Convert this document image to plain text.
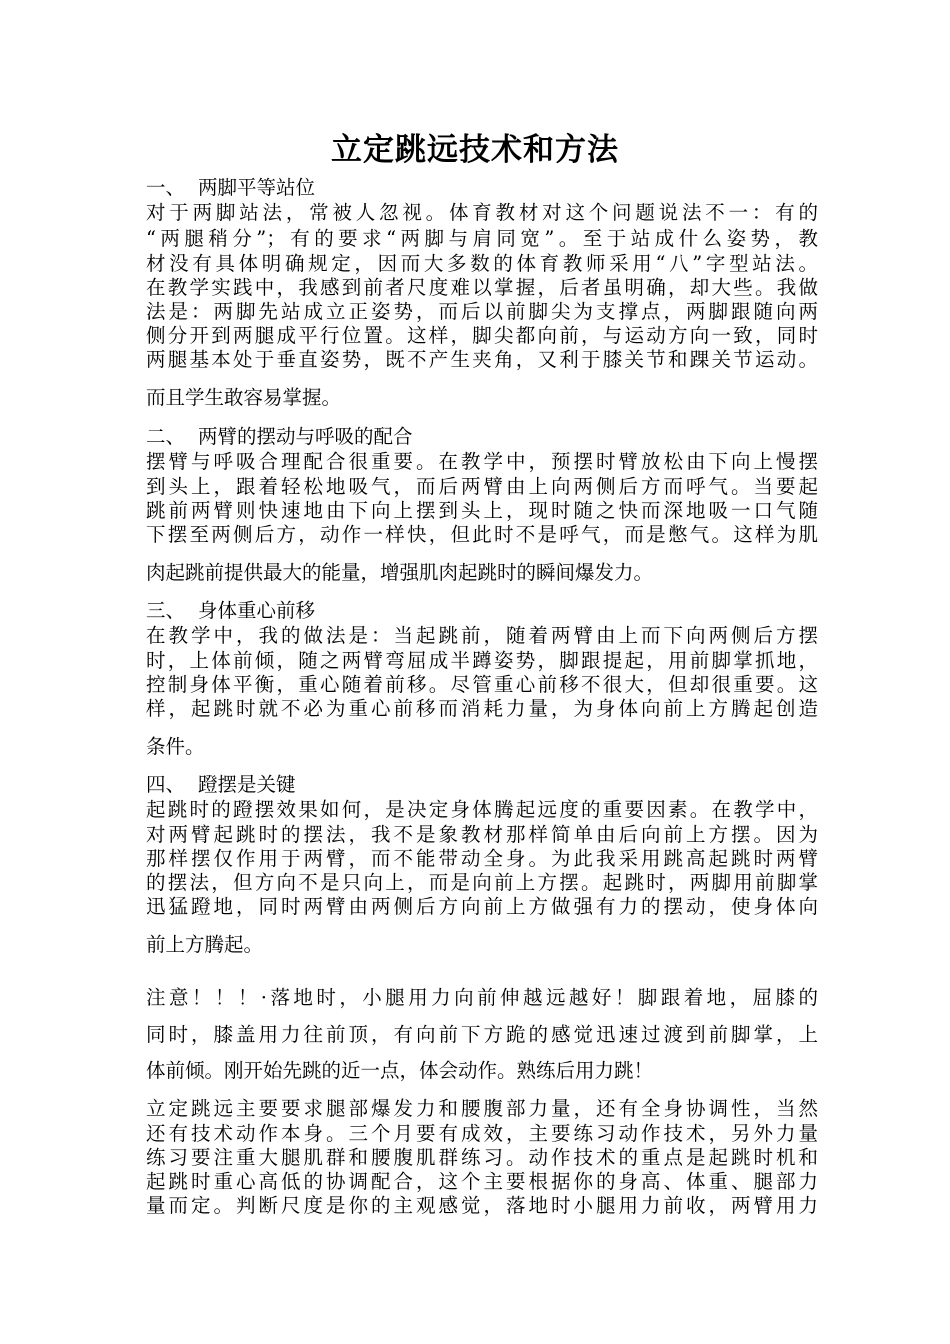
立定跳远技术和方法
一、 两脚平等站位
对于两脚站法，常被人忽视。体育教材对这个问题说法不一：有的
“两腿稍分”；有的要求“两脚与肩同宽”。至于站成什么姿势，教
材没有具体明确规定，因而大多数的体育教师采用“八”字型站法。
在教学实践中，我感到前者尺度难以掌握，后者虽明确，却大些。我做
法是：两脚先站成立正姿势，而后以前脚尖为支撑点，两脚跟随向两
侧分开到两腿成平行位置。这样，脚尖都向前，与运动方向一致，同时
两腿基本处于垂直姿势，既不产生夹角，又利于膝关节和踝关节运动。
而且学生敢容易掌握。
二、 两臂的摆动与呼吸的配合
摆臂与呼吸合理配合很重要。在教学中，预摆时臂放松由下向上慢摆
到头上，跟着轻松地吸气，而后两臂由上向两侧后方而呼气。当要起
跳前两臂则快速地由下向上摆到头上，现时随之快而深地吸一口气随
下摆至两侧后方，动作一样快，但此时不是呼气，而是憋气。这样为肌
肉起跳前提供最大的能量，增强肌肉起跳时的瞬间爆发力。
三、 身体重心前移
在教学中，我的做法是：当起跳前，随着两臂由上而下向两侧后方摆
时，上体前倾，随之两臂弯屈成半蹲姿势，脚跟提起，用前脚掌抓地，
控制身体平衡，重心随着前移。尽管重心前移不很大，但却很重要。这
样，起跳时就不必为重心前移而消耗力量，为身体向前上方腾起创造
条件。
四、 蹬摆是关键
起跳时的蹬摆效果如何，是决定身体腾起远度的重要因素。在教学中，
对两臂起跳时的摆法，我不是象教材那样简单由后向前上方摆。因为
那样摆仅作用于两臂，而不能带动全身。为此我采用跳高起跳时两臂
的摆法，但方向不是只向上，而是向前上方摆。起跳时，两脚用前脚掌
迅猛蹬地，同时两臂由两侧后方向前上方做强有力的摆动，使身体向
前上方腾起。
注意！！！·落地时，小腿用力向前伸越远越好！脚跟着地，屈膝的
同时，膝盖用力往前顶，有向前下方跪的感觉迅速过渡到前脚掌，上
体前倾。刚开始先跳的近一点，体会动作。熟练后用力跳！
立定跳远主要要求腿部爆发力和腰腹部力量，还有全身协调性，当然
还有技术动作本身。三个月要有成效，主要练习动作技术，另外力量
练习要注重大腿肌群和腰腹肌群练习。动作技术的重点是起跳时机和
起跳时重心高低的协调配合，这个主要根据你的身高、体重、腿部力
量而定。判断尺度是你的主观感觉，落地时小腿用力前收，两臂用力
